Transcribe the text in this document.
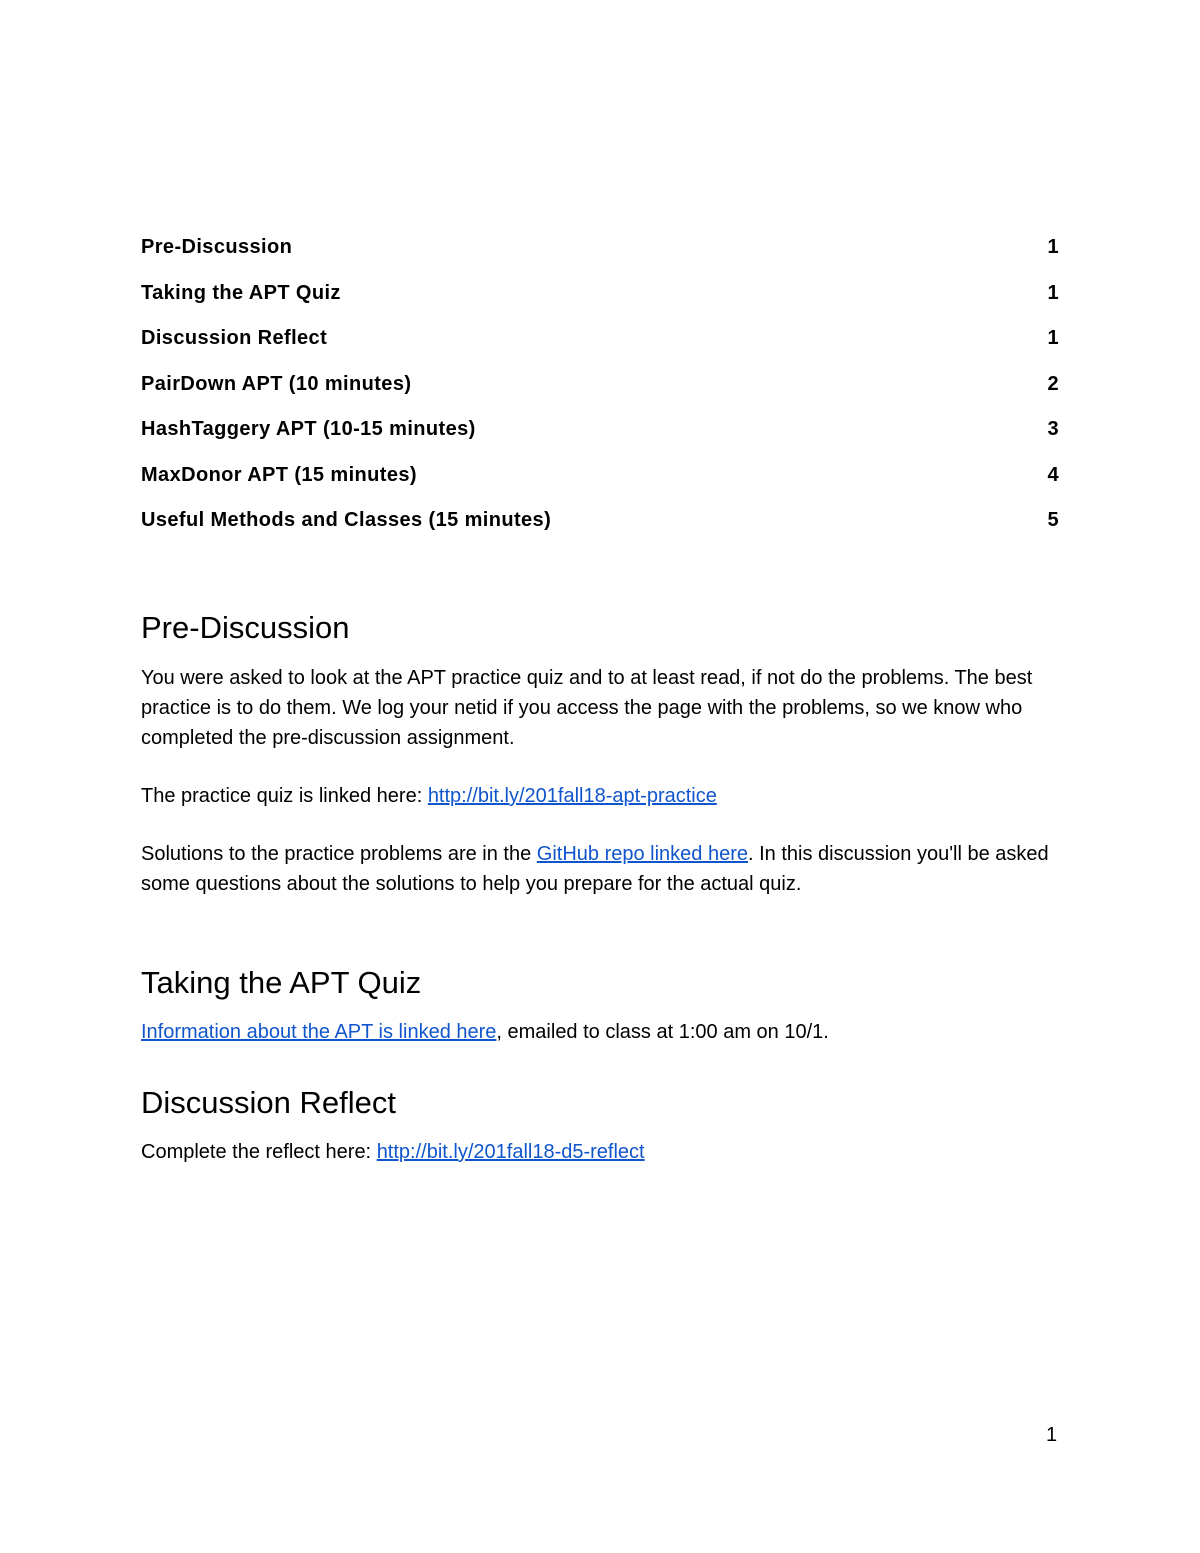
Pre-Discussion	1
Taking the APT Quiz	1
Discussion Reflect	1
PairDown APT (10 minutes)	2
HashTaggery APT (10-15 minutes)	3
MaxDonor APT (15 minutes)	4
Useful Methods and Classes (15 minutes)	5
Pre-Discussion

You were asked to look at the APT practice quiz and to at least read, if not do the problems. The best practice is to do them. We log your netid if you access the page with the problems, so we know who completed the pre-discussion assignment.

The practice quiz is linked here: http://bit.ly/201fall18-apt-practice

Solutions to the practice problems are in the GitHub repo linked here. In this discussion you'll be asked some questions about the solutions to help you prepare for the actual quiz.

Taking the APT Quiz

Information about the APT is linked here, emailed to class at 1:00 am on 10/1.

Discussion Reflect

Complete the reflect here: http://bit.ly/201fall18-d5-reflect

1
